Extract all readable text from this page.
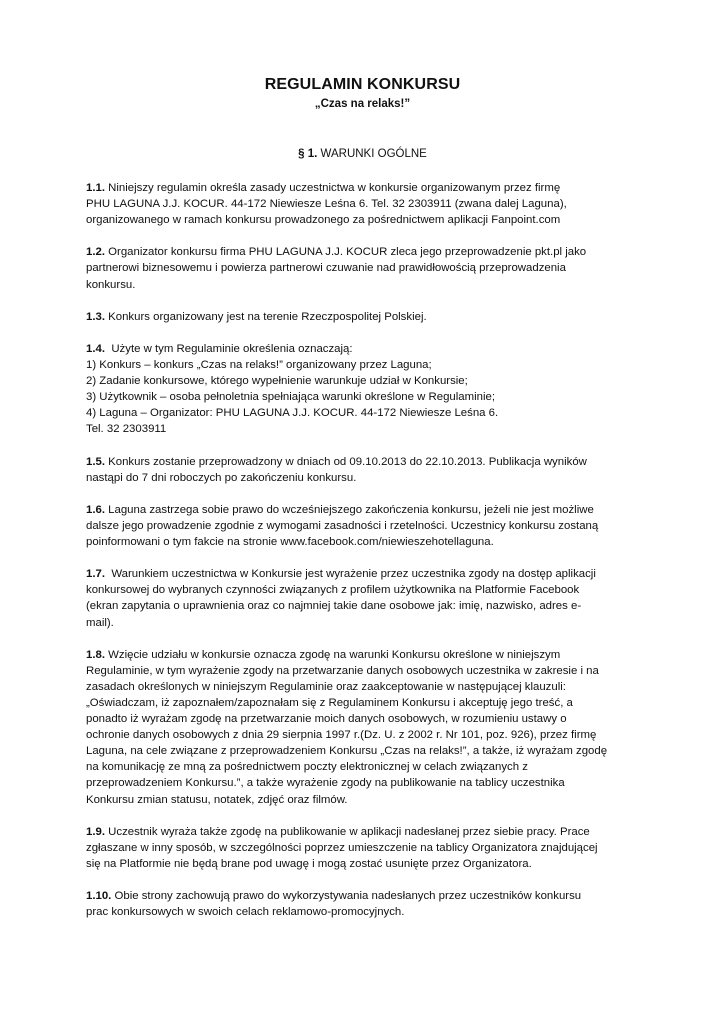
REGULAMIN KONKURSU
„Czas na relaks!”
§ 1. WARUNKI OGÓLNE
1.1. Niniejszy regulamin określa zasady uczestnictwa w konkursie organizowanym przez firmę
PHU LAGUNA J.J. KOCUR. 44-172 Niewiesze Leśna 6. Tel. 32 2303911 (zwana dalej Laguna),
organizowanego w ramach konkursu prowadzonego za pośrednictwem aplikacji Fanpoint.com
1.2. Organizator konkursu firma PHU LAGUNA J.J. KOCUR zleca jego przeprowadzenie pkt.pl jako
partnerowi biznesowemu i powierza partnerowi czuwanie nad prawidłowością przeprowadzenia
konkursu.
1.3. Konkurs organizowany jest na terenie Rzeczpospolitej Polskiej.
1.4.  Użyte w tym Regulaminie określenia oznaczają:
1) Konkurs – konkurs „Czas na relaks!” organizowany przez Laguna;
2) Zadanie konkursowe, którego wypełnienie warunkuje udział w Konkursie;
3) Użytkownik – osoba pełnoletnia spełniająca warunki określone w Regulaminie;
4) Laguna – Organizator: PHU LAGUNA J.J. KOCUR. 44-172 Niewiesze Leśna 6.
Tel. 32 2303911
1.5. Konkurs zostanie przeprowadzony w dniach od 09.10.2013 do 22.10.2013. Publikacja wyników
nastąpi do 7 dni roboczych po zakończeniu konkursu.
1.6. Laguna zastrzega sobie prawo do wcześniejszego zakończenia konkursu, jeżeli nie jest możliwe
dalsze jego prowadzenie zgodnie z wymogami zasadności i rzetelności. Uczestnicy konkursu zostaną
poinformowani o tym fakcie na stronie www.facebook.com/niewieszehotellaguna.
1.7.  Warunkiem uczestnictwa w Konkursie jest wyrażenie przez uczestnika zgody na dostęp aplikacji
konkursowej do wybranych czynności związanych z profilem użytkownika na Platformie Facebook
(ekran zapytania o uprawnienia oraz co najmniej takie dane osobowe jak: imię, nazwisko, adres e-
mail).
1.8. Wzięcie udziału w konkursie oznacza zgodę na warunki Konkursu określone w niniejszym
Regulaminie, w tym wyrażenie zgody na przetwarzanie danych osobowych uczestnika w zakresie i na
zasadach określonych w niniejszym Regulaminie oraz zaakceptowanie w następującej klauzuli:
„Oświadczam, iż zapoznałem/zapoznałam się z Regulaminem Konkursu i akceptuję jego treść, a
ponadto iż wyrażam zgodę na przetwarzanie moich danych osobowych, w rozumieniu ustawy o
ochronie danych osobowych z dnia 29 sierpnia 1997 r.(Dz. U. z 2002 r. Nr 101, poz. 926), przez firmę
Laguna, na cele związane z przeprowadzeniem Konkursu „Czas na relaks!”, a także, iż wyrażam zgodę
na komunikację ze mną za pośrednictwem poczty elektronicznej w celach związanych z
przeprowadzeniem Konkursu.”, a także wyrażenie zgody na publikowanie na tablicy uczestnika
Konkursu zmian statusu, notatek, zdjęć oraz filmów.
1.9. Uczestnik wyraża także zgodę na publikowanie w aplikacji nadesłanej przez siebie pracy. Prace
zgłaszane w inny sposób, w szczególności poprzez umieszczenie na tablicy Organizatora znajdującej
się na Platformie nie będą brane pod uwagę i mogą zostać usunięte przez Organizatora.
1.10. Obie strony zachowują prawo do wykorzystywania nadesłanych przez uczestników konkursu
prac konkursowych w swoich celach reklamowo-promocyjnych.
